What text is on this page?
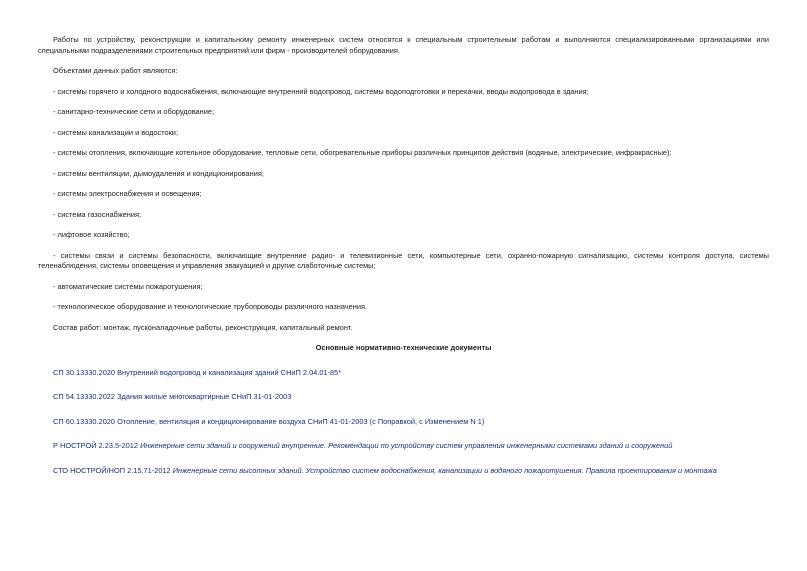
Работы по устройству, реконструкции и капитальному ремонту инженерных систем относятся к специальным строительным работам и выполняются специализированными организациями или специальными подразделениями строительных предприятий или фирм - производителей оборудования.

Объектами данных работ являются:

- системы горячего и холодного водоснабжения, включающие внутренний водопровод, системы водоподготовки и перекачки, вводы водопровода в здания;

- санитарно-технические сети и оборудование;

- системы канализации и водостоки;

- системы отопления, включающие котельное оборудование, тепловые сети, обогревательные приборы различных принципов действия (водяные, электрические, инфракрасные);

- системы вентиляции, дымоудаления и кондиционирования;

- системы электроснабжения и освещения;

- система газоснабжения;

- лифтовое хозяйство;

- системы связи и системы безопасности, включающие внутренние радио- и телевизионные сети, компьютерные сети, охранно-пожарную сигнализацию, системы контроля доступа, системы теленаблюдения, системы оповещения и управления эвакуацией и другие слаботочные системы;

- автоматические системы пожаротушения;

- технологическое оборудование и технологические трубопроводы различного назначения.

Состав работ: монтаж, пусконаладочные работы, реконструкция, капитальный ремонт.

Основные нормативно-технические документы

СП 30.13330.2020 Внутренний водопровод и канализация зданий СНиП 2.04.01-85*

СП 54.13330.2022 Здания жилые многоквартирные СНиП 31-01-2003

СП 60.13330.2020 Отопление, вентиляция и кондиционирование воздуха СНиП 41-01-2003 (с Поправкой, с Изменением N 1)

Р НОСТРОЙ 2.23.5-2012 Инженерные сети зданий и сооружений внутренние. Рекомендации по устройству систем управления инженерными системами зданий и сооружений

СТО НОСТРОЙ/НОП 2.15.71-2012 Инженерные сети высотных зданий. Устройство систем водоснабжения, канализации и водяного пожаротушения. Правила проектирования и монтажа
